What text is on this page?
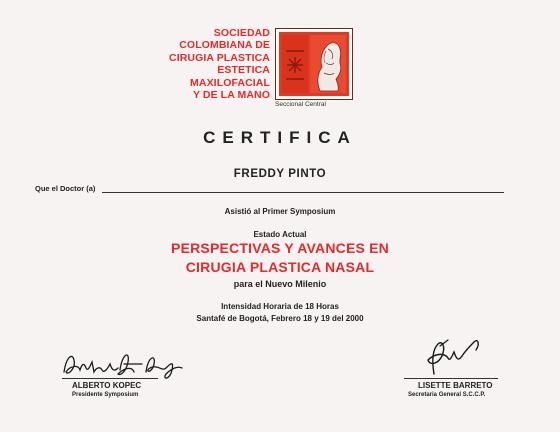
SOCIEDAD
COLOMBIANA DE
CIRUGIA PLASTICA
ESTETICA
MAXILOFACIAL
Y DE LA MANO
Seccional Central
CERTIFICA
FREDDY PINTO
Que el Doctor (a)
Asistió al Primer Symposium
Estado Actual
PERSPECTIVAS Y AVANCES EN
CIRUGIA PLASTICA NASAL
para el Nuevo Milenio
Intensidad Horaria de 18 Horas
Santafé de Bogotá, Febrero 18 y 19 del 2000
ALBERTO KOPEC
Presidente Symposium
LISETTE BARRETO
Secretaria General S.C.C.P.
